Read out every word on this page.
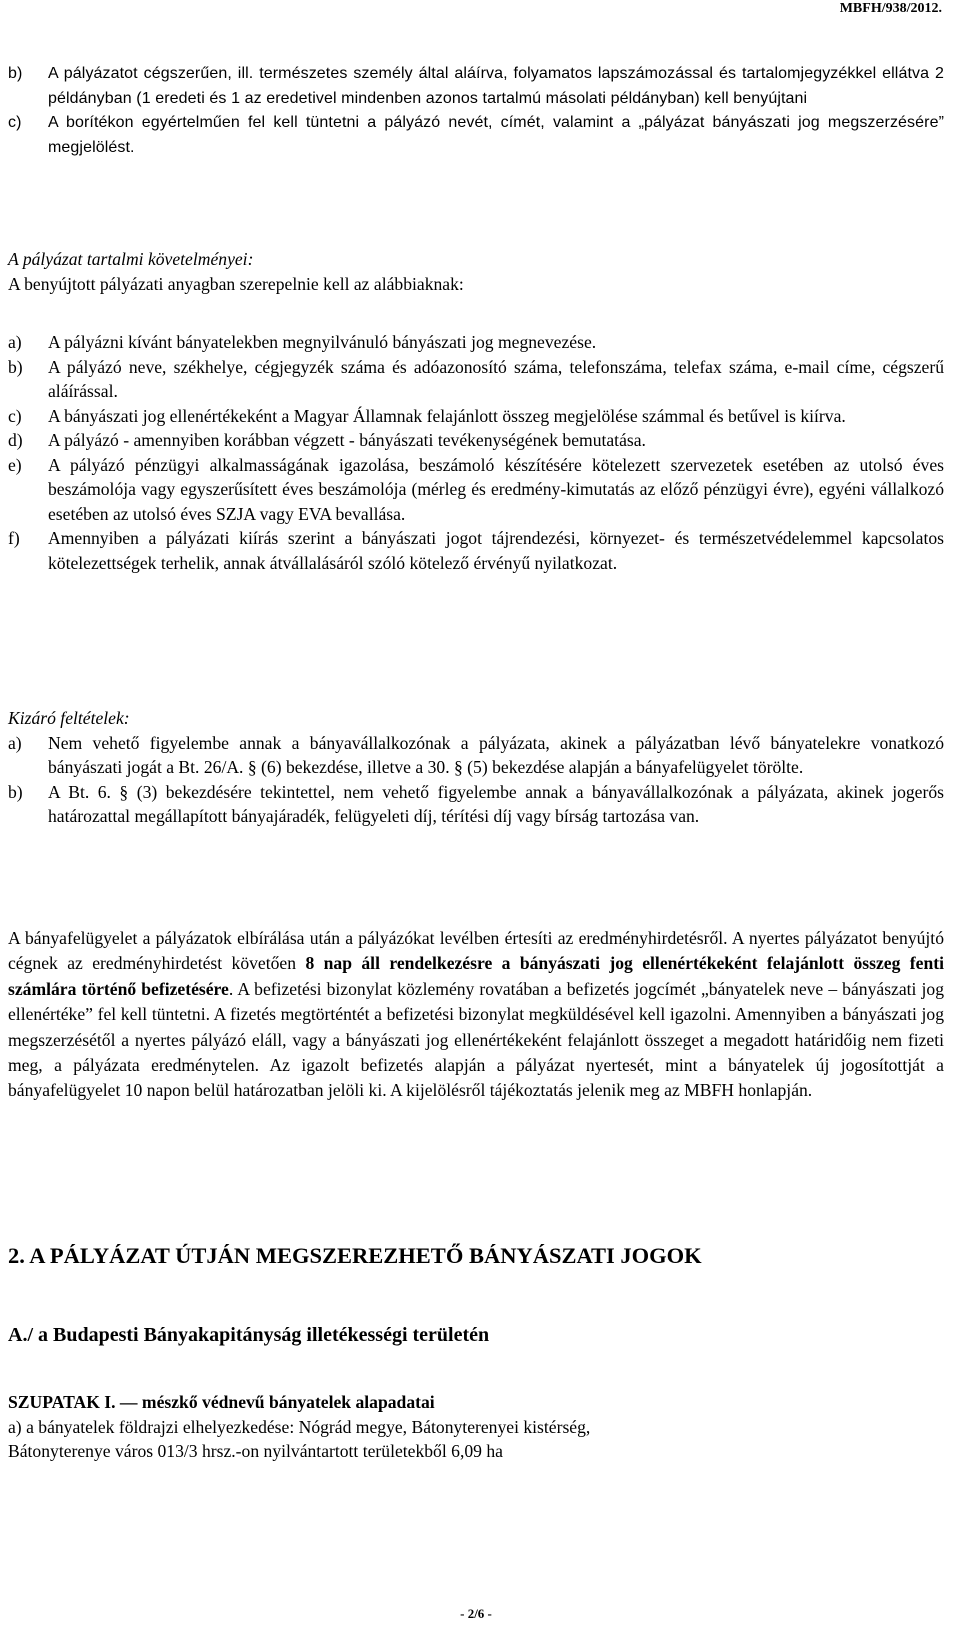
MBFH/938/2012.
b)	A pályázatot cégszerűen, ill. természetes személy által aláírva, folyamatos lapszámozással és tartalomjegyzékkel ellátva 2 példányban (1 eredeti és 1 az eredetivel mindenben azonos tartalmú másolati példányban) kell benyújtani
c)	A borítékon egyértelműen fel kell tüntetni a pályázó nevét, címét, valamint a „pályázat bányászati jog megszerzésére” megjelölést.
A pályázat tartalmi követelményei:
A benyújtott pályázati anyagban szerepelnie kell az alábbiaknak:
a)	A pályázni kívánt bányatelekben megnyilvánuló bányászati jog megnevezése.
b)	A pályázó neve, székhelye, cégjegyzék száma és adóazonosító száma, telefonszáma, telefax száma, e-mail címe, cégszerű aláírással.
c)	A bányászati jog ellenértékeként a Magyar Államnak felajánlott összeg megjelölése számmal és betűvel is kiírva.
d)	A pályázó - amennyiben korábban végzett - bányászati tevékenységének bemutatása.
e)	A pályázó pénzügyi alkalmasságának igazolása, beszámoló készítésére kötelezett szervezetek esetében az utolsó éves beszámolója vagy egyszerűsített éves beszámolója (mérleg és eredmény-kimutatás az előző pénzügyi évre), egyéni vállalkozó esetében az utolsó éves SZJA vagy EVA bevallása.
f)	Amennyiben a pályázati kiírás szerint a bányászati jogot tájrendezési, környezet- és természetvédelemmel kapcsolatos kötelezettségek terhelik, annak átvállalásáról szóló kötelező érvényű nyilatkozat.
Kizáró feltételek:
a)	Nem vehető figyelembe annak a bányavállalkozónak a pályázata, akinek a pályázatban lévő bányatelekre vonatkozó bányászati jogát a Bt. 26/A. § (6) bekezdése, illetve a 30. § (5) bekezdése alapján a bányafelügyelet törölte.
b)	A Bt. 6. § (3) bekezdésére tekintettel, nem vehető figyelembe annak a bányavállalkozónak a pályázata, akinek jogerős határozattal megállapított bányajáradék, felügyeleti díj, térítési díj vagy bírság tartozása van.
A bányafelügyelet a pályázatok elbírálása után a pályázókat levélben értesíti az eredményhirdetésről. A nyertes pályázatot benyújtó cégnek az eredményhirdetést követően 8 nap áll rendelkezésre a bányászati jog ellenértékeként felajánlott összeg fenti számlára történő befizetésére. A befizetési bizonylat közlemény rovatában a befizetés jogcímét „bányatelek neve – bányászati jog ellenértéke” fel kell tüntetni. A fizetés megtörténtét a befizetési bizonylat megküldésével kell igazolni. Amennyiben a bányászati jog megszerzésétől a nyertes pályázó eláll, vagy a bányászati jog ellenértékeként felajánlott összeget a megadott határidőig nem fizeti meg, a pályázata eredménytelen. Az igazolt befizetés alapján a pályázat nyertesét, mint a bányatelek új jogosítottját a bányafelügyelet 10 napon belül határozatban jelöli ki. A kijelölésről tájékoztatás jelenik meg az MBFH honlapján.
2. A PÁLYÁZAT ÚTJÁN MEGSZEREZHETŐ BÁNYÁSZATI JOGOK
A./ a Budapesti Bányakapitányság illetékességi területén
SZUPATAK I. — mészkő védnevű bányatelek alapadatai
a) a bányatelek földrajzi elhelyezkedése: Nógrád megye, Bátonyterenyei kistérség,
Bátonyterenye város 013/3 hrsz.-on nyilvántartott területekből 6,09 ha
- 2/6 -
